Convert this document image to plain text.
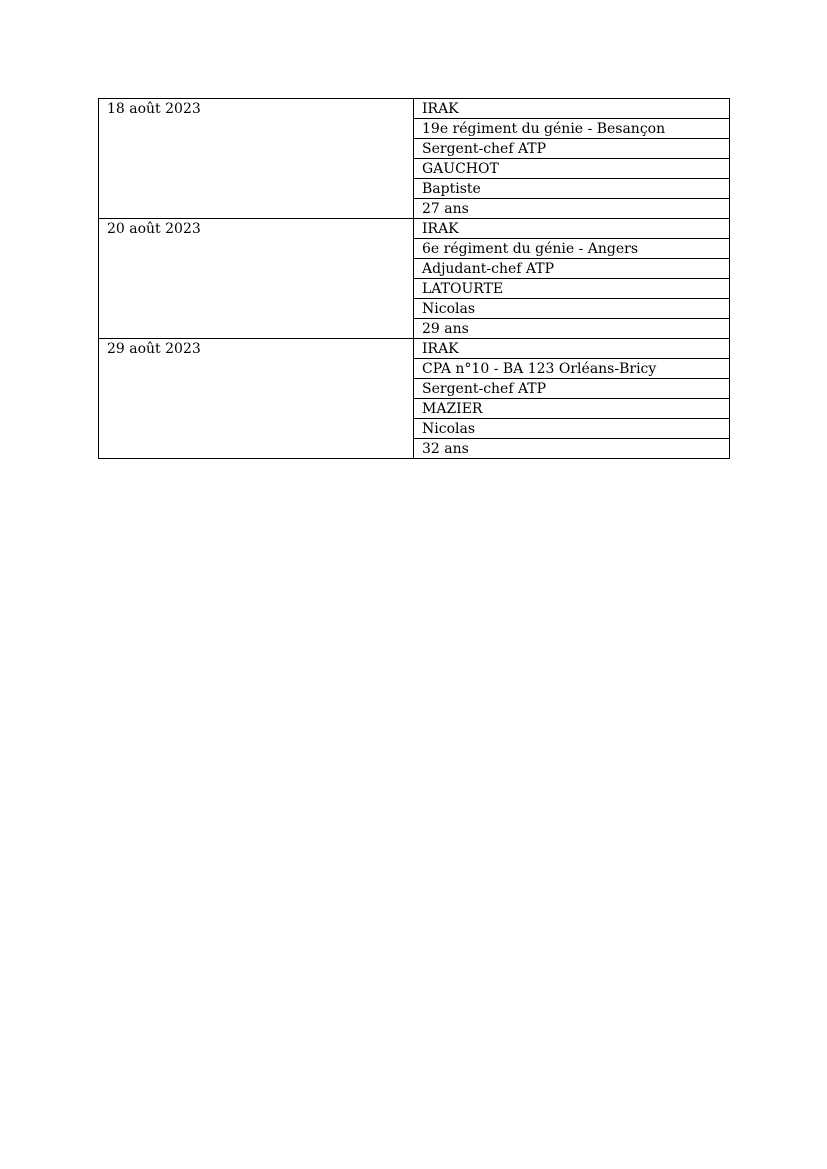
18 août 2023	IRAK
	19e régiment du génie - Besançon
	Sergent-chef ATP
	GAUCHOT
	Baptiste
	27 ans
20 août 2023	IRAK
	6e régiment du génie - Angers
	Adjudant-chef ATP
	LATOURTE
	Nicolas
	29 ans
29 août 2023	IRAK
	CPA n°10 - BA 123 Orléans-Bricy
	Sergent-chef ATP
	MAZIER
	Nicolas
	32 ans
